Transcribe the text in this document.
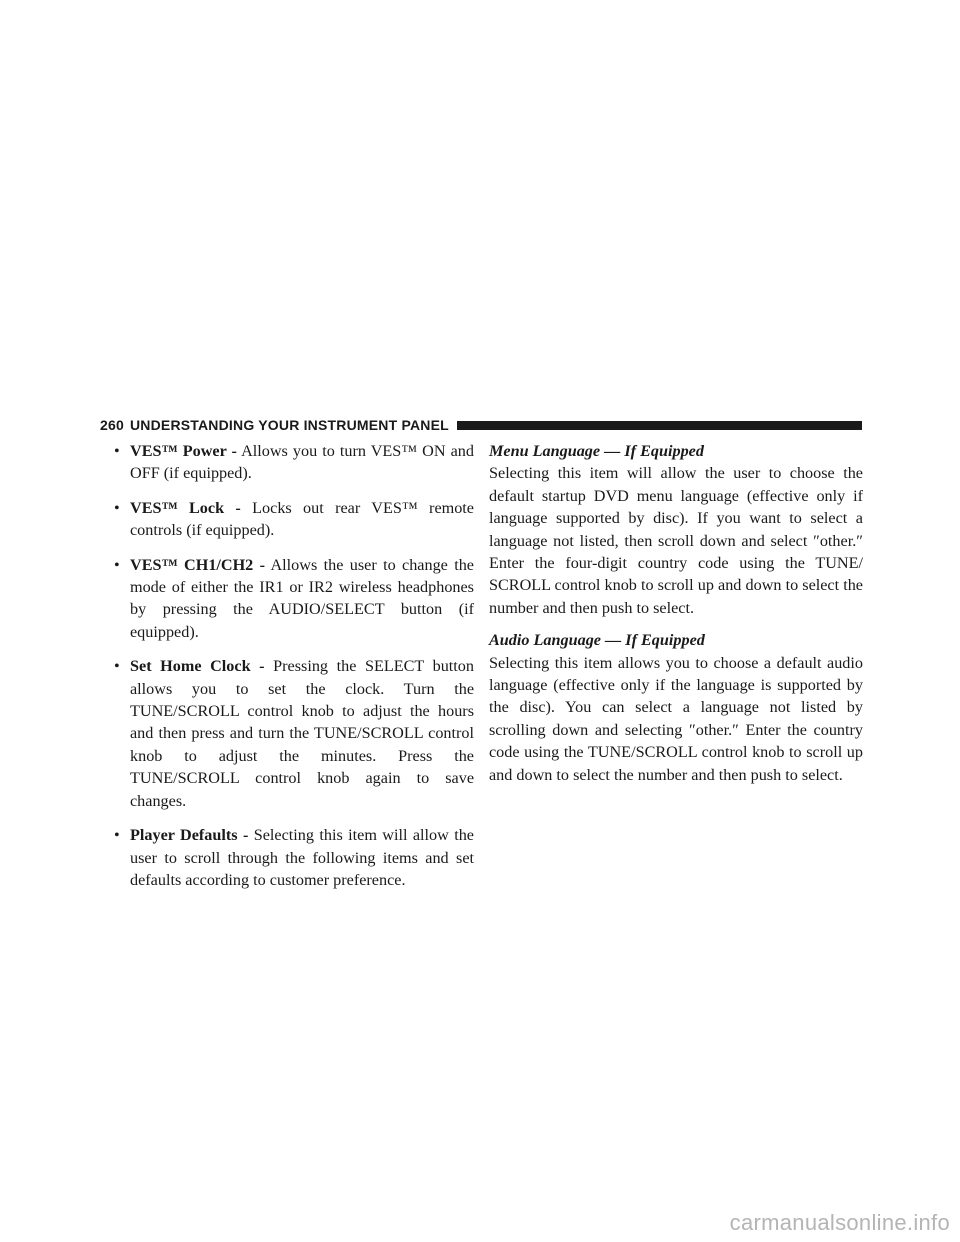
260 UNDERSTANDING YOUR INSTRUMENT PANEL
• VES™ Power - Allows you to turn VES™ ON and OFF (if equipped).
• VES™ Lock - Locks out rear VES™ remote controls (if equipped).
• VES™ CH1/CH2 - Allows the user to change the mode of either the IR1 or IR2 wireless headphones by pressing the AUDIO/SELECT button (if equipped).
• Set Home Clock - Pressing the SELECT button allows you to set the clock. Turn the TUNE/SCROLL control knob to adjust the hours and then press and turn the TUNE/SCROLL control knob to adjust the minutes. Press the TUNE/SCROLL control knob again to save changes.
• Player Defaults - Selecting this item will allow the user to scroll through the following items and set defaults according to customer preference.
Menu Language — If Equipped
Selecting this item will allow the user to choose the default startup DVD menu language (effective only if language supported by disc). If you want to select a language not listed, then scroll down and select ″other.″ Enter the four-digit country code using the TUNE/ SCROLL control knob to scroll up and down to select the number and then push to select.
Audio Language — If Equipped
Selecting this item allows you to choose a default audio language (effective only if the language is supported by the disc). You can select a language not listed by scrolling down and selecting ″other.″ Enter the country code using the TUNE/SCROLL control knob to scroll up and down to select the number and then push to select.
carmanualsonline.info
